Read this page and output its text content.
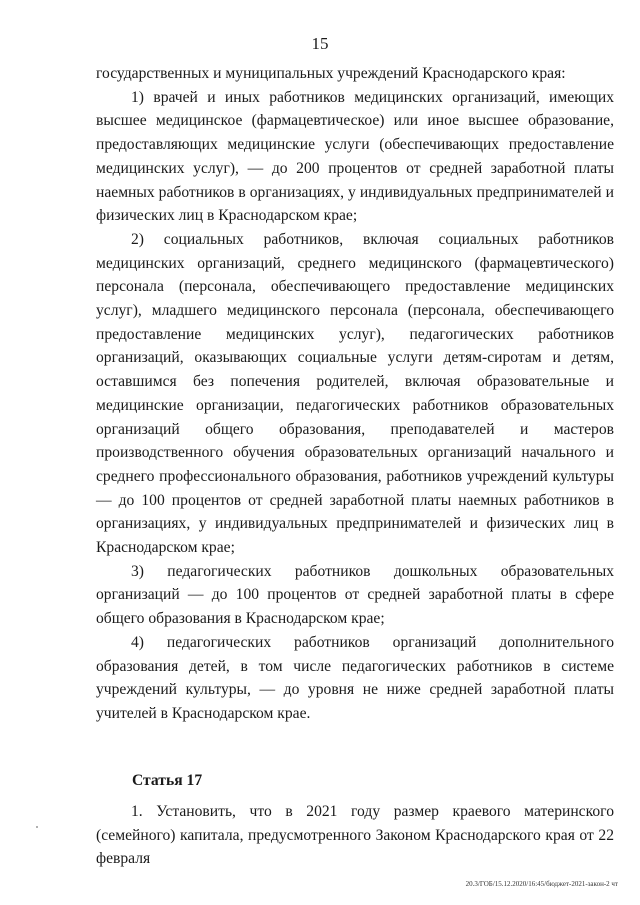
15

государственных и муниципальных учреждений Краснодарского края:

1) врачей и иных работников медицинских организаций, имеющих высшее медицинское (фармацевтическое) или иное высшее образование, предоставляющих медицинские услуги (обеспечивающих предоставление медицинских услуг), — до 200 процентов от средней заработной платы наемных работников в организациях, у индивидуальных предпринимателей и физических лиц в Краснодарском крае;

2) социальных работников, включая социальных работников медицинских организаций, среднего медицинского (фармацевтического) персонала (персонала, обеспечивающего предоставление медицинских услуг), младшего медицинского персонала (персонала, обеспечивающего предоставление медицинских услуг), педагогических работников организаций, оказывающих социальные услуги детям-сиротам и детям, оставшимся без попечения родителей, включая образовательные и медицинские организации, педагогических работников образовательных организаций общего образования, преподавателей и мастеров производственного обучения образовательных организаций начального и среднего профессионального образования, работников учреждений культуры — до 100 процентов от средней заработной платы наемных работников в организациях, у индивидуальных предпринимателей и физических лиц в Краснодарском крае;

3) педагогических работников дошкольных образовательных организаций — до 100 процентов от средней заработной платы в сфере общего образования в Краснодарском крае;

4) педагогических работников организаций дополнительного образования детей, в том числе педагогических работников в системе учреждений культуры, — до уровня не ниже средней заработной платы учителей в Краснодарском крае.

Статья 17

1. Установить, что в 2021 году размер краевого материнского (семейного) капитала, предусмотренного Законом Краснодарского края от 22 февраля

20.3/ГОБ/15.12.2020/16:45/бюджет-2021-закон-2 чт
